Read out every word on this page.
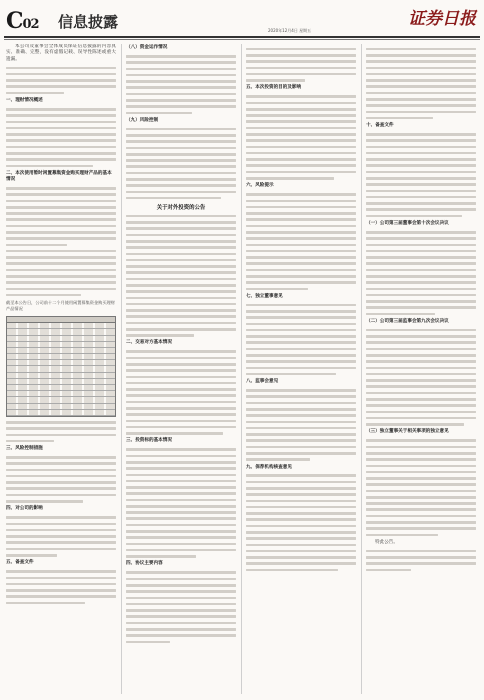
C02 信息披露	证券日报
2020年12月4日 星期五
本公司及董事会全体成员保证信息披露的内容真实、准确、完整，没有虚假记载、误导性陈述或重大遗漏。
一、理财情况概述
二、本次使用暂时闲置募集资金购买理财产品的基本情况
截至本公告日，公司前十二个月使用闲置募集资金购买理财产品情况
三、风险控制措施
四、对公司的影响
五、备查文件
（八）资金运作情况
（九）风险控制
关于对外投资的公告
二、交易对方基本情况
三、投资标的基本情况
四、协议主要内容
五、本次投资的目的及影响
六、风险提示
七、独立董事意见
八、监事会意见
九、保荐机构核查意见
十、备查文件
（一）公司第三届董事会第十次会议决议
（二）公司第三届监事会第九次会议决议
（三）独立董事关于相关事项的独立意见
特此公告。
